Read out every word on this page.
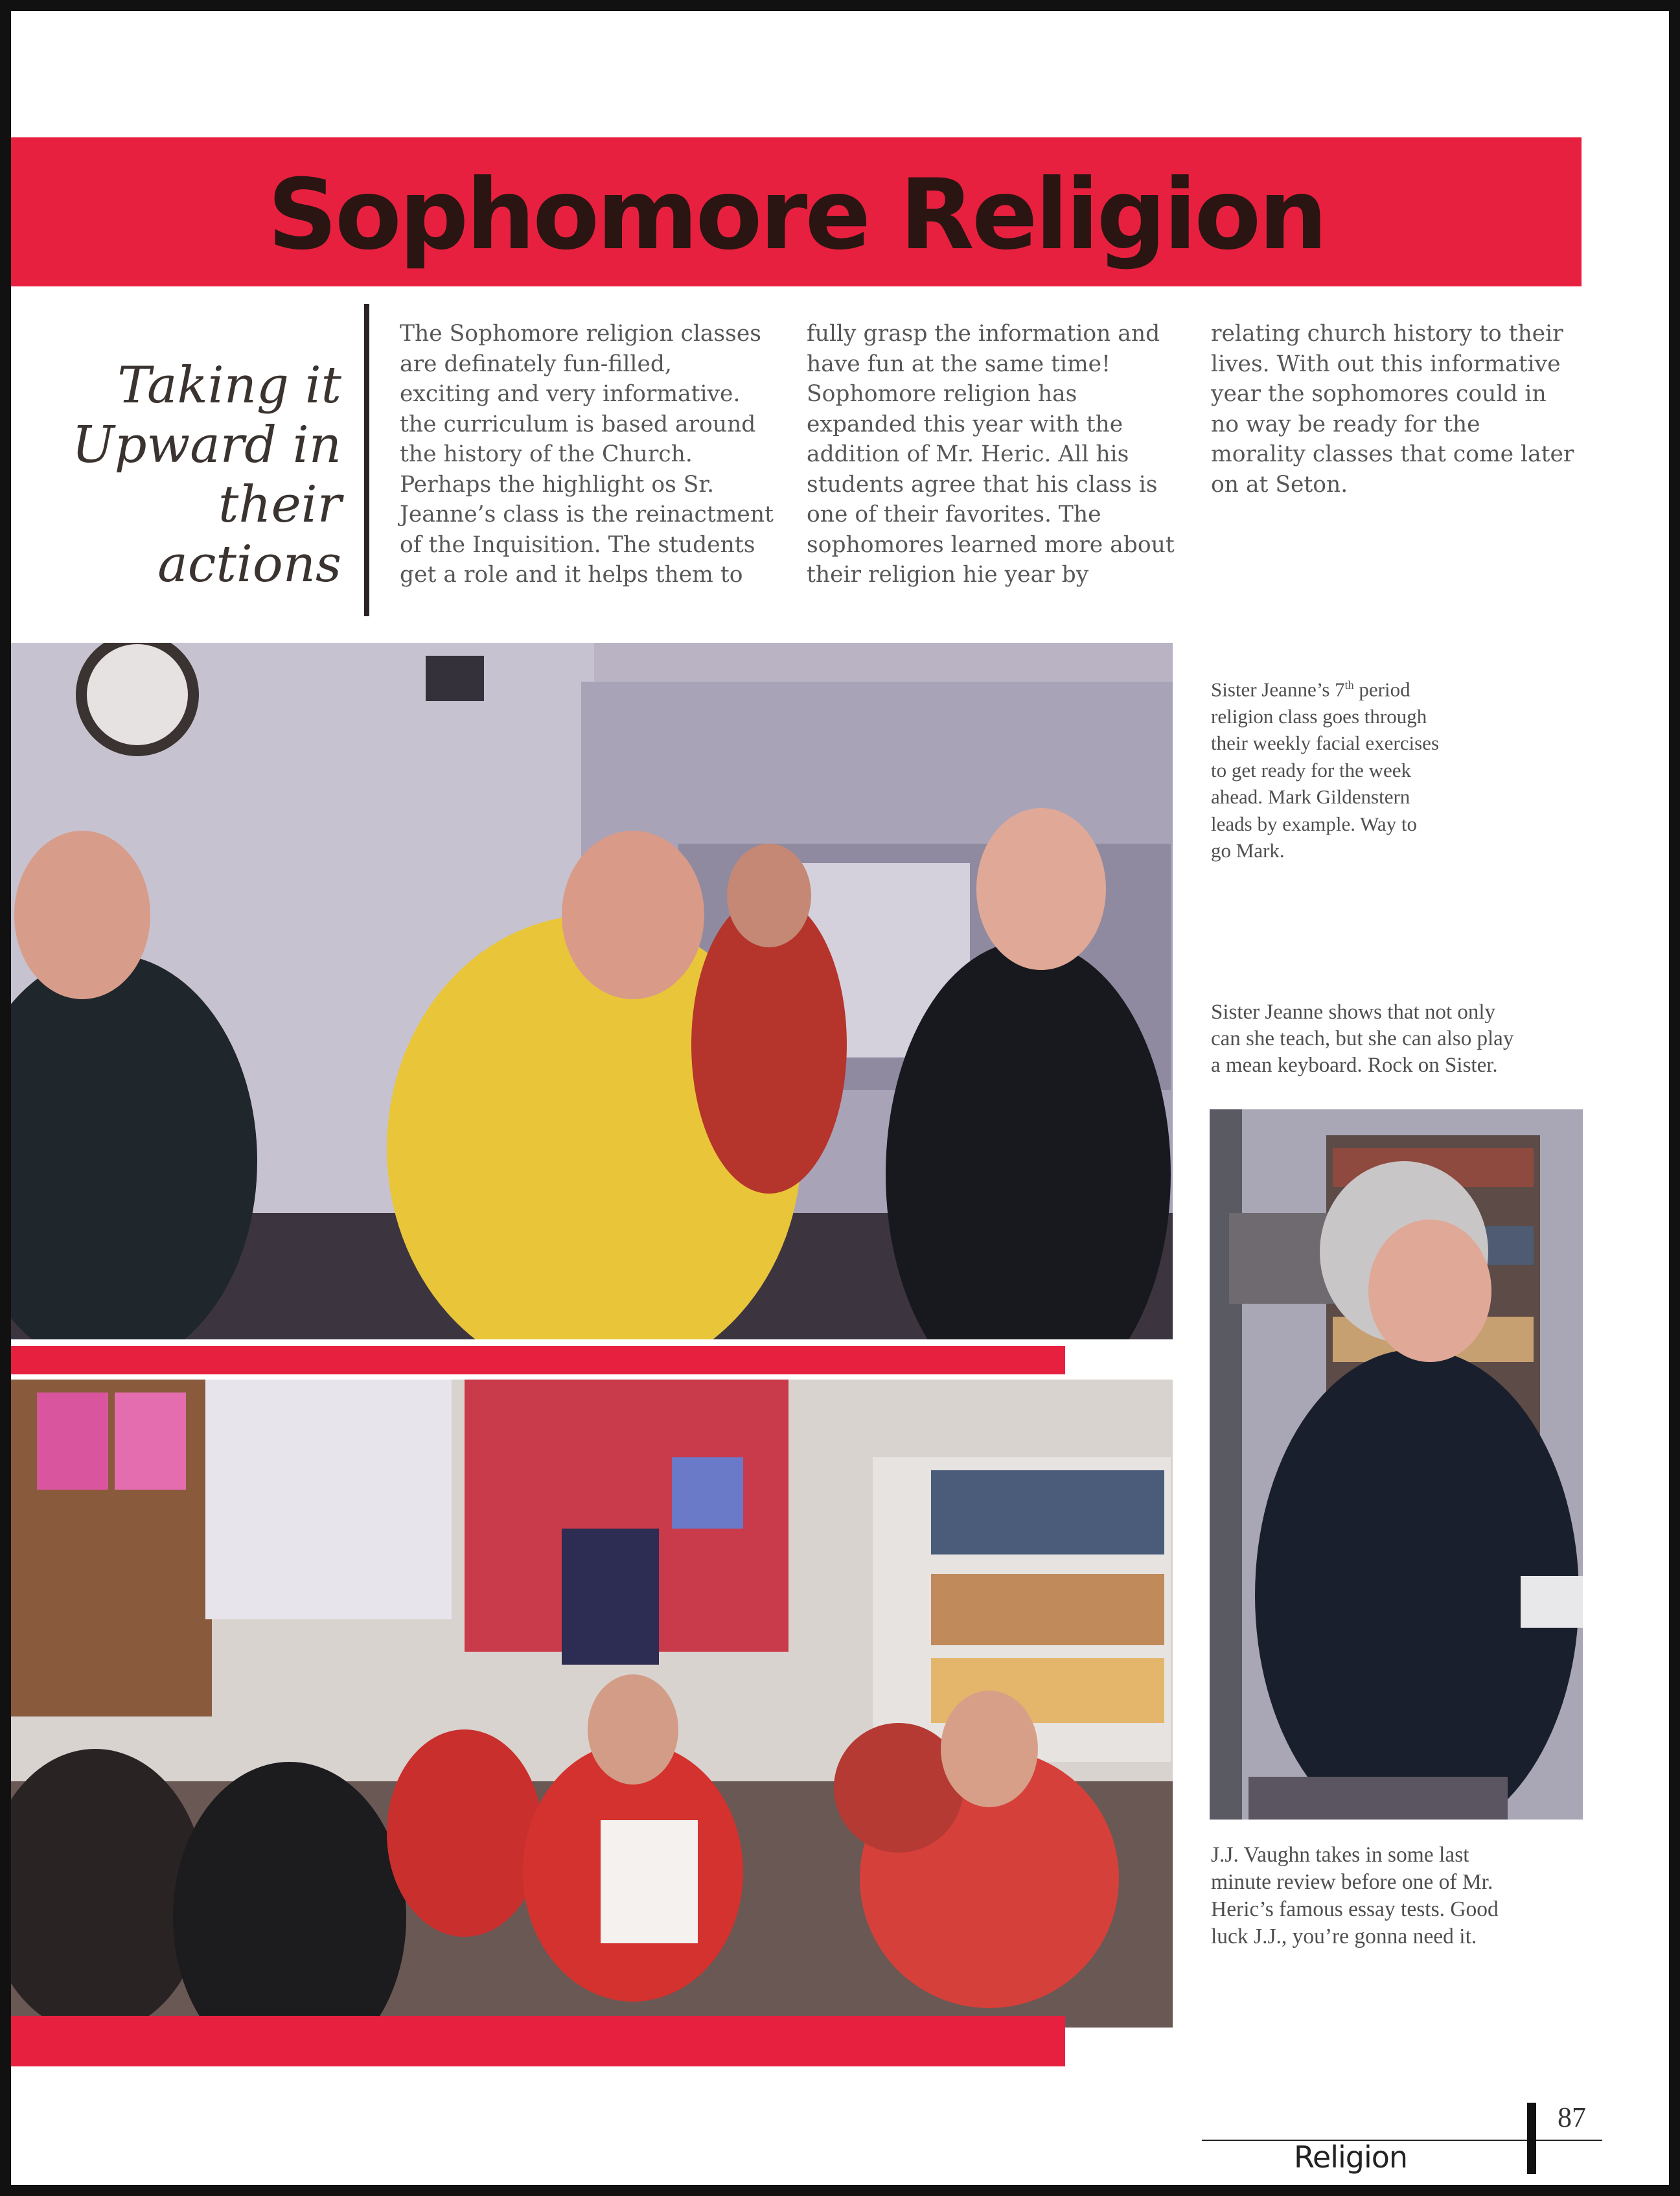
Sophomore Religion
Taking it
Upward in
their actions
The Sophomore religion classes
are definately fun-filled,
exciting and very informative.
the curriculum is based around
the history of the Church.
Perhaps the highlight os Sr.
Jeanne’s class is the reinactment
of the Inquisition. The students
get a role and it helps them to
fully grasp the information and
have fun at the same time!
Sophomore religion has
expanded this year with the
addition of Mr. Heric. All his
students agree that his class is
one of their favorites. The
sophomores learned more about
their religion hie year by
relating church history to their
lives. With out this informative
year the sophomores could in
no way be ready for the
morality classes that come later
on at Seton.
Sister Jeanne’s 7th period
religion class goes through
their weekly facial exercises
to get ready for the week
ahead. Mark Gildenstern
leads by example. Way to
go Mark.
Sister Jeanne shows that not only
can she teach, but she can also play
a mean keyboard. Rock on Sister.
J.J. Vaughn takes in some last
minute review before one of Mr.
Heric’s famous essay tests. Good
luck J.J., you’re gonna need it.
Religion
87
